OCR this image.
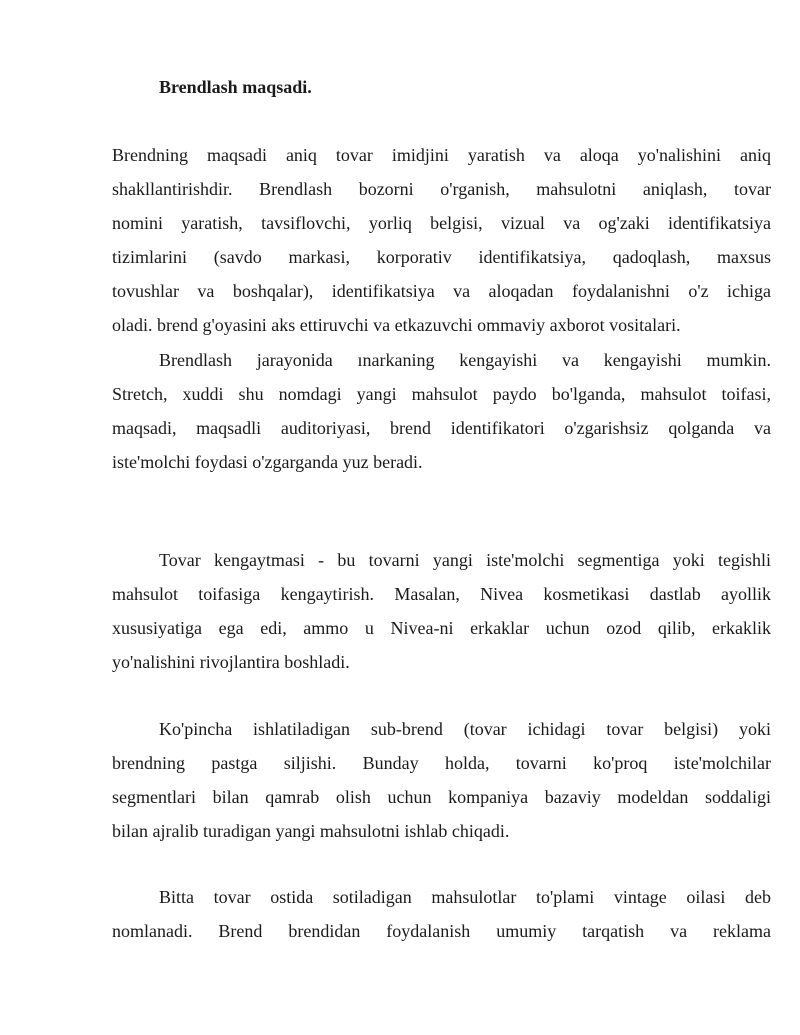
Brendlash maqsadi.
Brendning maqsadi aniq tovar imidjini yaratish va aloqa yo'nalishini aniq
shakllantirishdir. Brendlash bozorni o'rganish, mahsulotni aniqlash, tovar
nomini yaratish, tavsiflovchi, yorliq belgisi, vizual va og'zaki identifikatsiya
tizimlarini (savdo markasi, korporativ identifikatsiya, qadoqlash, maxsus
tovushlar va boshqalar), identifikatsiya va aloqadan foydalanishni o'z ichiga
oladi. brend g'oyasini aks ettiruvchi va etkazuvchi ommaviy axborot vositalari.
Brendlash jarayonida ınarkaning kengayishi va kengayishi mumkin.
Stretch, xuddi shu nomdagi yangi mahsulot paydo bo'lganda, mahsulot toifasi,
maqsadi, maqsadli auditoriyasi, brend identifikatori o'zgarishsiz qolganda va
iste'molchi foydasi o'zgarganda yuz beradi.
Tovar kengaytmasi - bu tovarni yangi iste'molchi segmentiga yoki tegishli
mahsulot toifasiga kengaytirish. Masalan, Nivea kosmetikasi dastlab ayollik
xususiyatiga ega edi, ammo u Nivea-ni erkaklar uchun ozod qilib, erkaklik
yo'nalishini rivojlantira boshladi.
Ko'pincha ishlatiladigan sub-brend (tovar ichidagi tovar belgisi) yoki
brendning pastga siljishi. Bunday holda, tovarni ko'proq iste'molchilar
segmentlari bilan qamrab olish uchun kompaniya bazaviy modeldan soddaligi
bilan ajralib turadigan yangi mahsulotni ishlab chiqadi.
Bitta tovar ostida sotiladigan mahsulotlar to'plami vintage oilasi deb
nomlanadi. Brend brendidan foydalanish umumiy tarqatish va reklama
